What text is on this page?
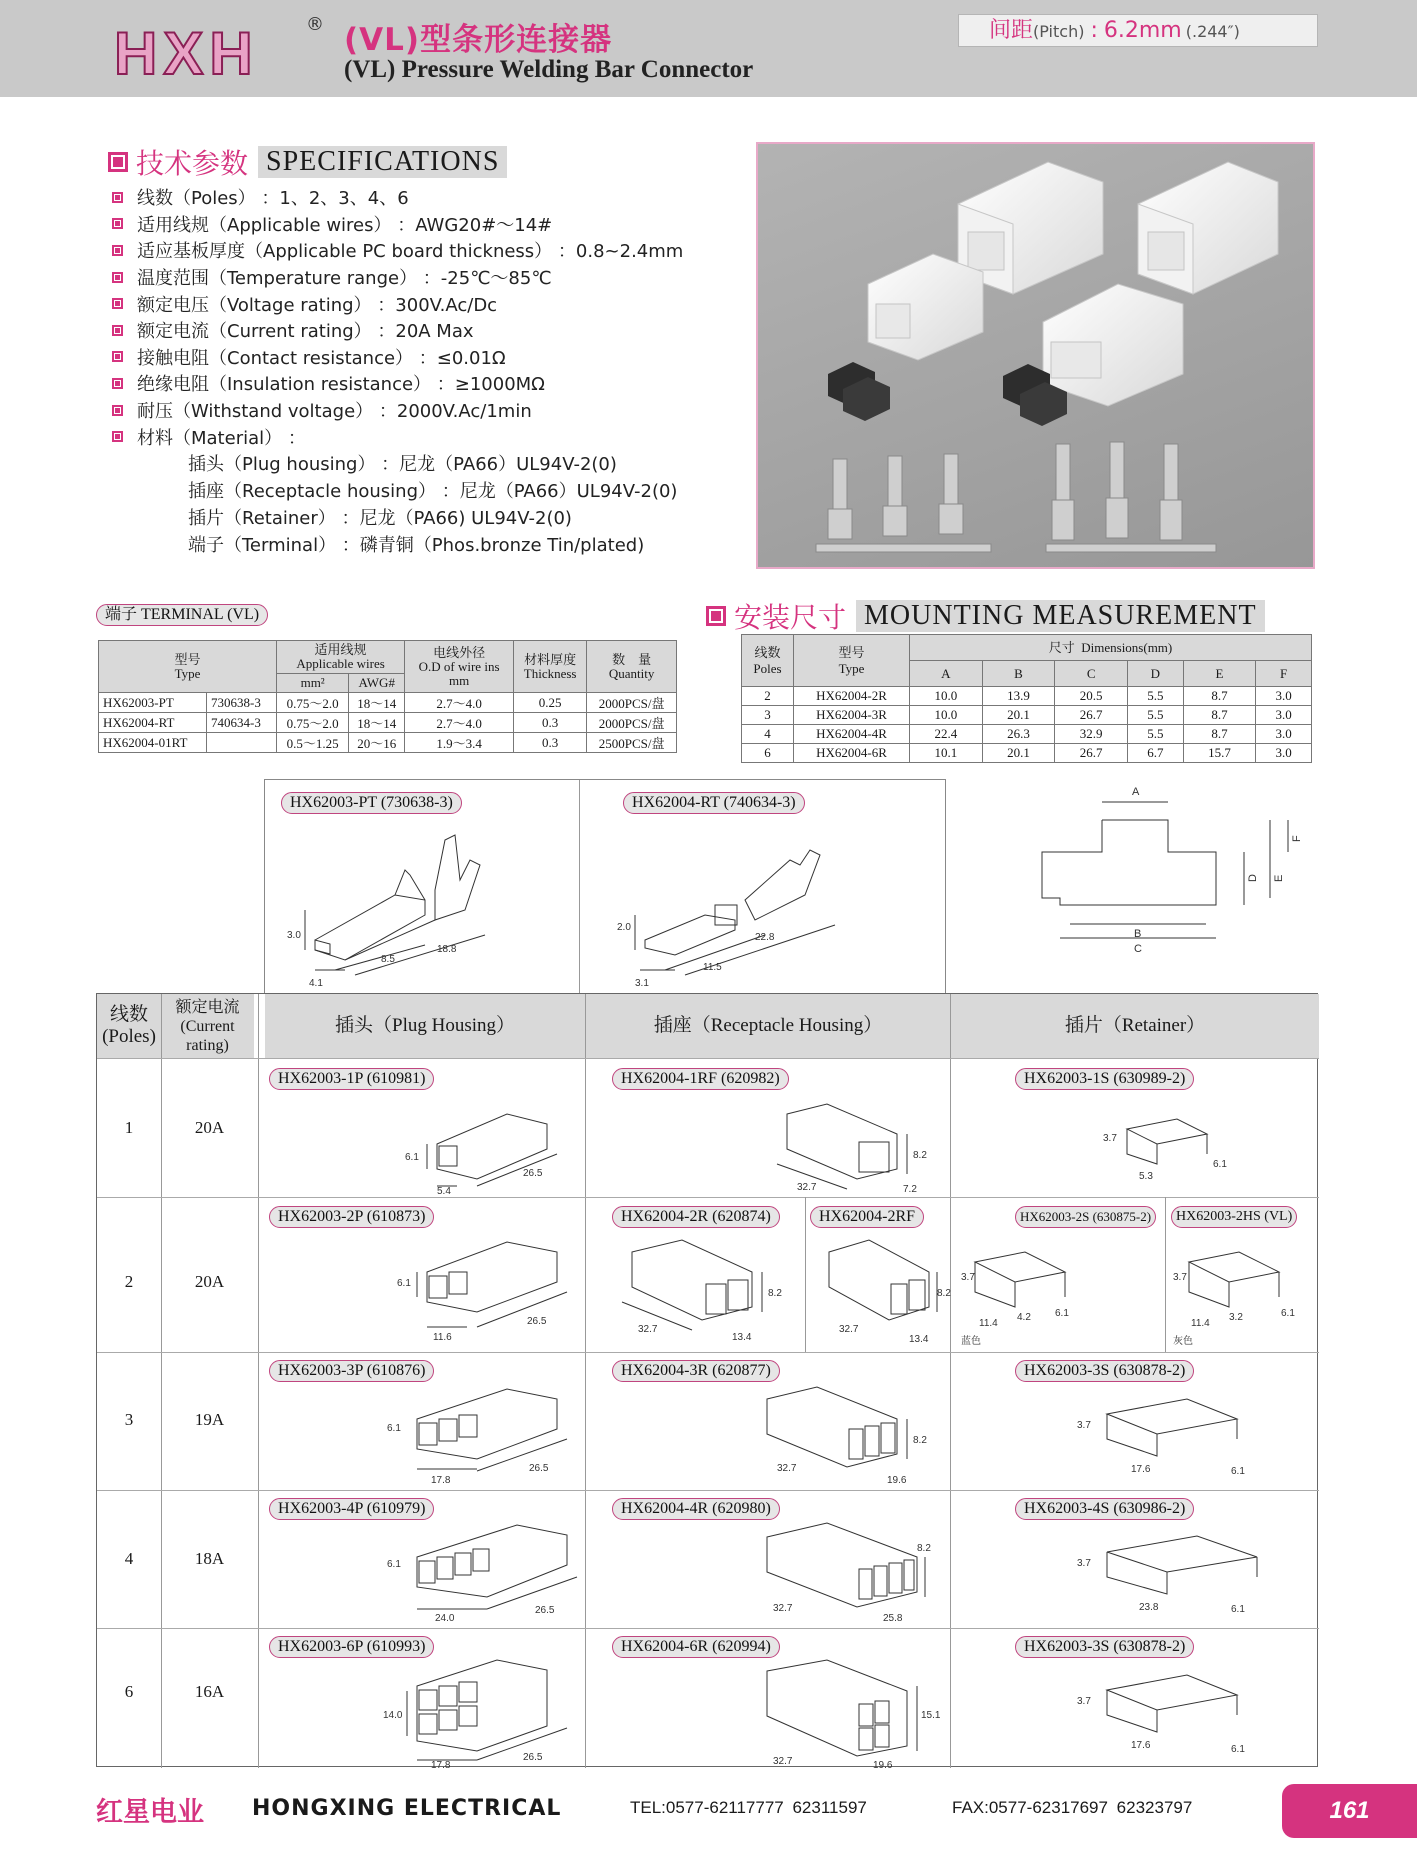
HXH	® (VL)型条形连接器
(VL) Pressure Welding Bar Connector
间距(Pitch) : 6.2mm (.244″)
技术参数 SPECIFICATIONS
线数（Poles） ：1、2、3、4、6
适用线规（Applicable wires） ：AWG20#～14#
适应基板厚度（Applicable PC board thickness） ：0.8~2.4mm
温度范围（Temperature range） ：-25℃～85℃
额定电压（Voltage rating） ：300V.Ac/Dc
额定电流（Current rating） ：20A Max
接触电阻（Contact resistance） ：≤0.01Ω
绝缘电阻（Insulation resistance） ：≥1000MΩ
耐压（Withstand voltage） ：2000V.Ac/1min
材料（Material） ：
插头（Plug housing） ：尼龙（PA66）UL94V-2(0)
插座（Receptacle housing） ：尼龙（PA66）UL94V-2(0)
插片（Retainer） ：尼龙（PA66) UL94V-2(0)
端子（Terminal） ：磷青铜（Phos.bronze Tin/plated)
端子 TERMINAL (VL)
型号
Type		适用线规
Applicable wires		电线外径
O.D of wire ins
mm	材料厚度
Thickness	数　量
Quantity
		mm²	AWG#			
HX62003-PT	730638-3	0.75～2.0	18～14	2.7～4.0	0.25	2000PCS/盘
HX62004-RT	740634-3	0.75～2.0	18～14	2.7～4.0	0.3	2000PCS/盘
HX62004-01RT		0.5～1.25	20～16	1.9～3.4	0.3	2500PCS/盘
安装尺寸 MOUNTING MEASUREMENT
线数
Poles	型号
Type	尺寸 Dimensions(mm)					
		A	B	C	D	E	F
2	HX62004-2R	10.0	13.9	20.5	5.5	8.7	3.0
3	HX62004-3R	10.0	20.1	26.7	5.5	8.7	3.0
4	HX62004-4R	22.4	26.3	32.9	5.5	8.7	3.0
6	HX62004-6R	10.1	20.1	26.7	6.7	15.7	3.0
HX62003-PT (730638-3)	HX62004-RT (740634-3)
3.0
4.1
8.5
18.8
2.0
3.1
11.5
22.8
A
B
C
D E
F
线数
(Poles)
额定电流
(Current
rating)
插头（Plug Housing）	插座（Receptacle Housing）	插片（Retainer）
1	20A
2	20A
3	19A
4	18A
6	16A
HX62003-1P (610981)	HX62004-1RF (620982)	HX62003-1S (630989-2)
HX62003-2P (610873)	HX62004-2R (620874)	HX62004-2RF	HX62003-2S (630875-2)	HX62003-2HS (VL)
HX62003-3P (610876)	HX62004-3R (620877)	HX62003-3S (630878-2)
HX62003-4P (610979)	HX62004-4R (620980)	HX62003-4S (630986-2)
HX62003-6P (610993)	HX62004-6R (620994)	HX62003-3S (630878-2)
6.1
5.4
26.5
32.7
8.2
7.2
3.7
5.3
6.1
6.1
11.6
26.5
32.7
8.2
13.4
32.7
8.2
13.4
3.7
11.4
4.2 6.1
蓝色
3.7
11.4
3.2	6.1
灰色
6.1
17.8
26.5	32.7
8.2
19.6
3.7
17.6	6.1
6.1
24.0
26.5	32.7
8.2
25.8
3.7
23.8	6.1
14.0
17.8
26.5	32.7
15.1
19.6
3.7
17.6	6.1
红星电业 HONGXING ELECTRICAL	TEL:0577-62117777 62311597	FAX:0577-62317697 62323797	161
